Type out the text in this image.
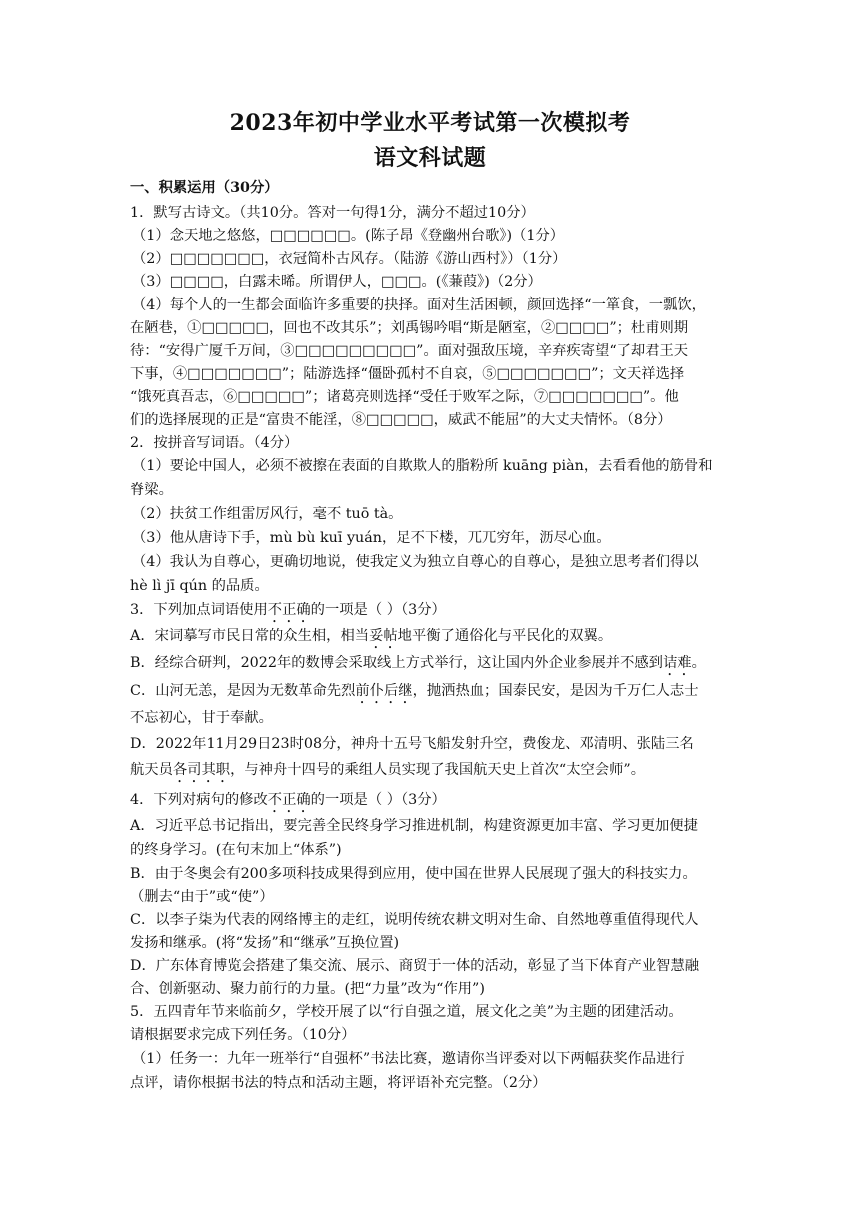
2023年初中学业水平考试第一次模拟考
语文科试题
一、积累运用（30分）
1．默写古诗文。（共10分。答对一句得1分，满分不超过10分）
（1）念天地之悠悠，□□□□□□。(陈子昂《登幽州台歌》)（1分）
（2）□□□□□□□，衣冠简朴古风存。（陆游《游山西村》）（1分）
（3）□□□□，白露未晞。所谓伊人，□□□。(《蒹葭》)（2分）
（4）每个人的一生都会面临许多重要的抉择。面对生活困顿，颜回选择“一箪食，一瓢饮，
在陋巷，①□□□□□，回也不改其乐”；刘禹锡吟唱“斯是陋室，②□□□□”；杜甫则期
待：“安得广厦千万间，③□□□□□□□□□”。面对强敌压境，辛弃疾寄望“了却君王天
下事，④□□□□□□□”；陆游选择“僵卧孤村不自哀，⑤□□□□□□□”；文天祥选择
“饿死真吾志，⑥□□□□□”；诸葛亮则选择“受任于败军之际，⑦□□□□□□□”。他
们的选择展现的正是“富贵不能淫，⑧□□□□□，威武不能屈”的大丈夫情怀。（8分）
2．按拼音写词语。（4分）
（1）要论中国人，必须不被擦在表面的自欺欺人的脂粉所 kuāng piàn，去看看他的筋骨和
脊梁。
（2）扶贫工作组雷厉风行，毫不 tuō tà。
（3）他从唐诗下手，mù bù kuī yuán，足不下楼，兀兀穷年，沥尽心血。
（4）我认为自尊心，更确切地说，使我定义为独立自尊心的自尊心，是独立思考者们得以
hè lì jī qún 的品质。
3．下列加点词语使用不正确的一项是（ ）（3分）
A．宋词摹写市民日常的众生相，相当妥帖地平衡了通俗化与平民化的双翼。
B．经综合研判，2022年的数博会采取线上方式举行，这让国内外企业参展并不感到诘难。
C．山河无恙，是因为无数革命先烈前仆后继，抛洒热血；国泰民安，是因为千万仁人志士
不忘初心，甘于奉献。
D．2022年11月29日23时08分，神舟十五号飞船发射升空，费俊龙、邓清明、张陆三名
航天员各司其职，与神舟十四号的乘组人员实现了我国航天史上首次“太空会师”。
4．下列对病句的修改不正确的一项是（ ）（3分）
A．习近平总书记指出，要完善全民终身学习推进机制，构建资源更加丰富、学习更加便捷
的终身学习。(在句末加上“体系”)
B．由于冬奥会有200多项科技成果得到应用，使中国在世界人民展现了强大的科技实力。
（删去“由于”或“使”）
C．以李子柒为代表的网络博主的走红，说明传统农耕文明对生命、自然地尊重值得现代人
发扬和继承。(将“发扬”和“继承”互换位置)
D．广东体育博览会搭建了集交流、展示、商贸于一体的活动，彰显了当下体育产业智慧融
合、创新驱动、聚力前行的力量。(把“力量”改为“作用”)
5．五四青年节来临前夕，学校开展了以“行自强之道，展文化之美”为主题的团建活动。
请根据要求完成下列任务。（10分）
（1）任务一：九年一班举行“自强杯”书法比赛，邀请你当评委对以下两幅获奖作品进行
点评，请你根据书法的特点和活动主题，将评语补充完整。（2分）
